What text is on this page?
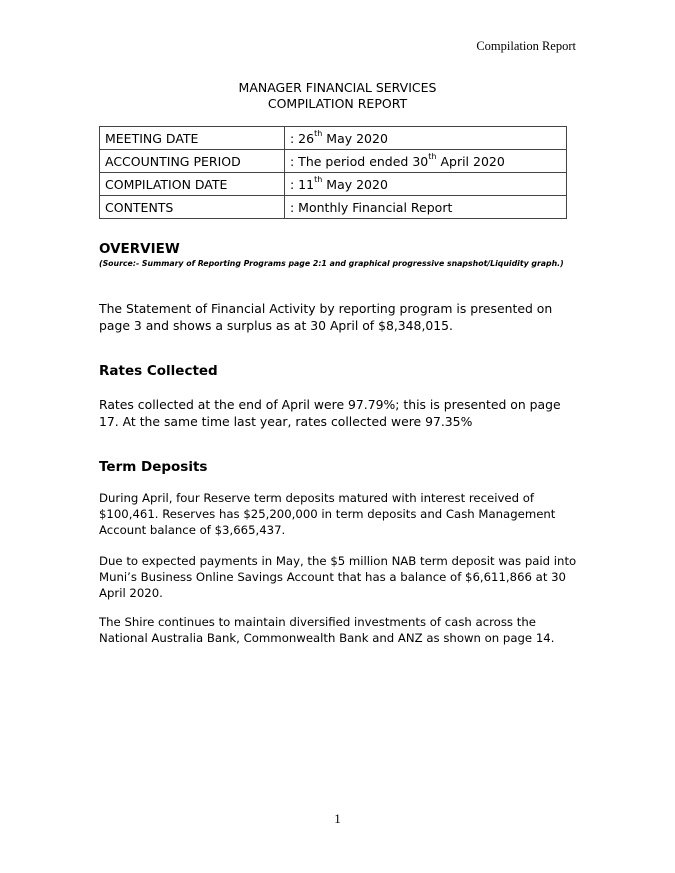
Compilation Report
MANAGER FINANCIAL SERVICES
COMPILATION REPORT
MEETING DATE	: 26th May 2020
ACCOUNTING PERIOD	: The period ended 30th April 2020
COMPILATION DATE	: 11th May 2020
CONTENTS	: Monthly Financial Report
OVERVIEW
(Source:- Summary of Reporting Programs page 2:1 and graphical progressive snapshot/Liquidity graph.)
The Statement of Financial Activity by reporting program is presented on page 3 and shows a surplus as at 30 April of $8,348,015.
Rates Collected
Rates collected at the end of April were 97.79%; this is presented on page 17. At the same time last year, rates collected were 97.35%
Term Deposits
During April, four Reserve term deposits matured with interest received of $100,461. Reserves has $25,200,000 in term deposits and Cash Management Account balance of $3,665,437.
Due to expected payments in May, the $5 million NAB term deposit was paid into Muni’s Business Online Savings Account that has a balance of $6,611,866 at 30 April 2020.
The Shire continues to maintain diversified investments of cash across the National Australia Bank, Commonwealth Bank and ANZ as shown on page 14.
1
